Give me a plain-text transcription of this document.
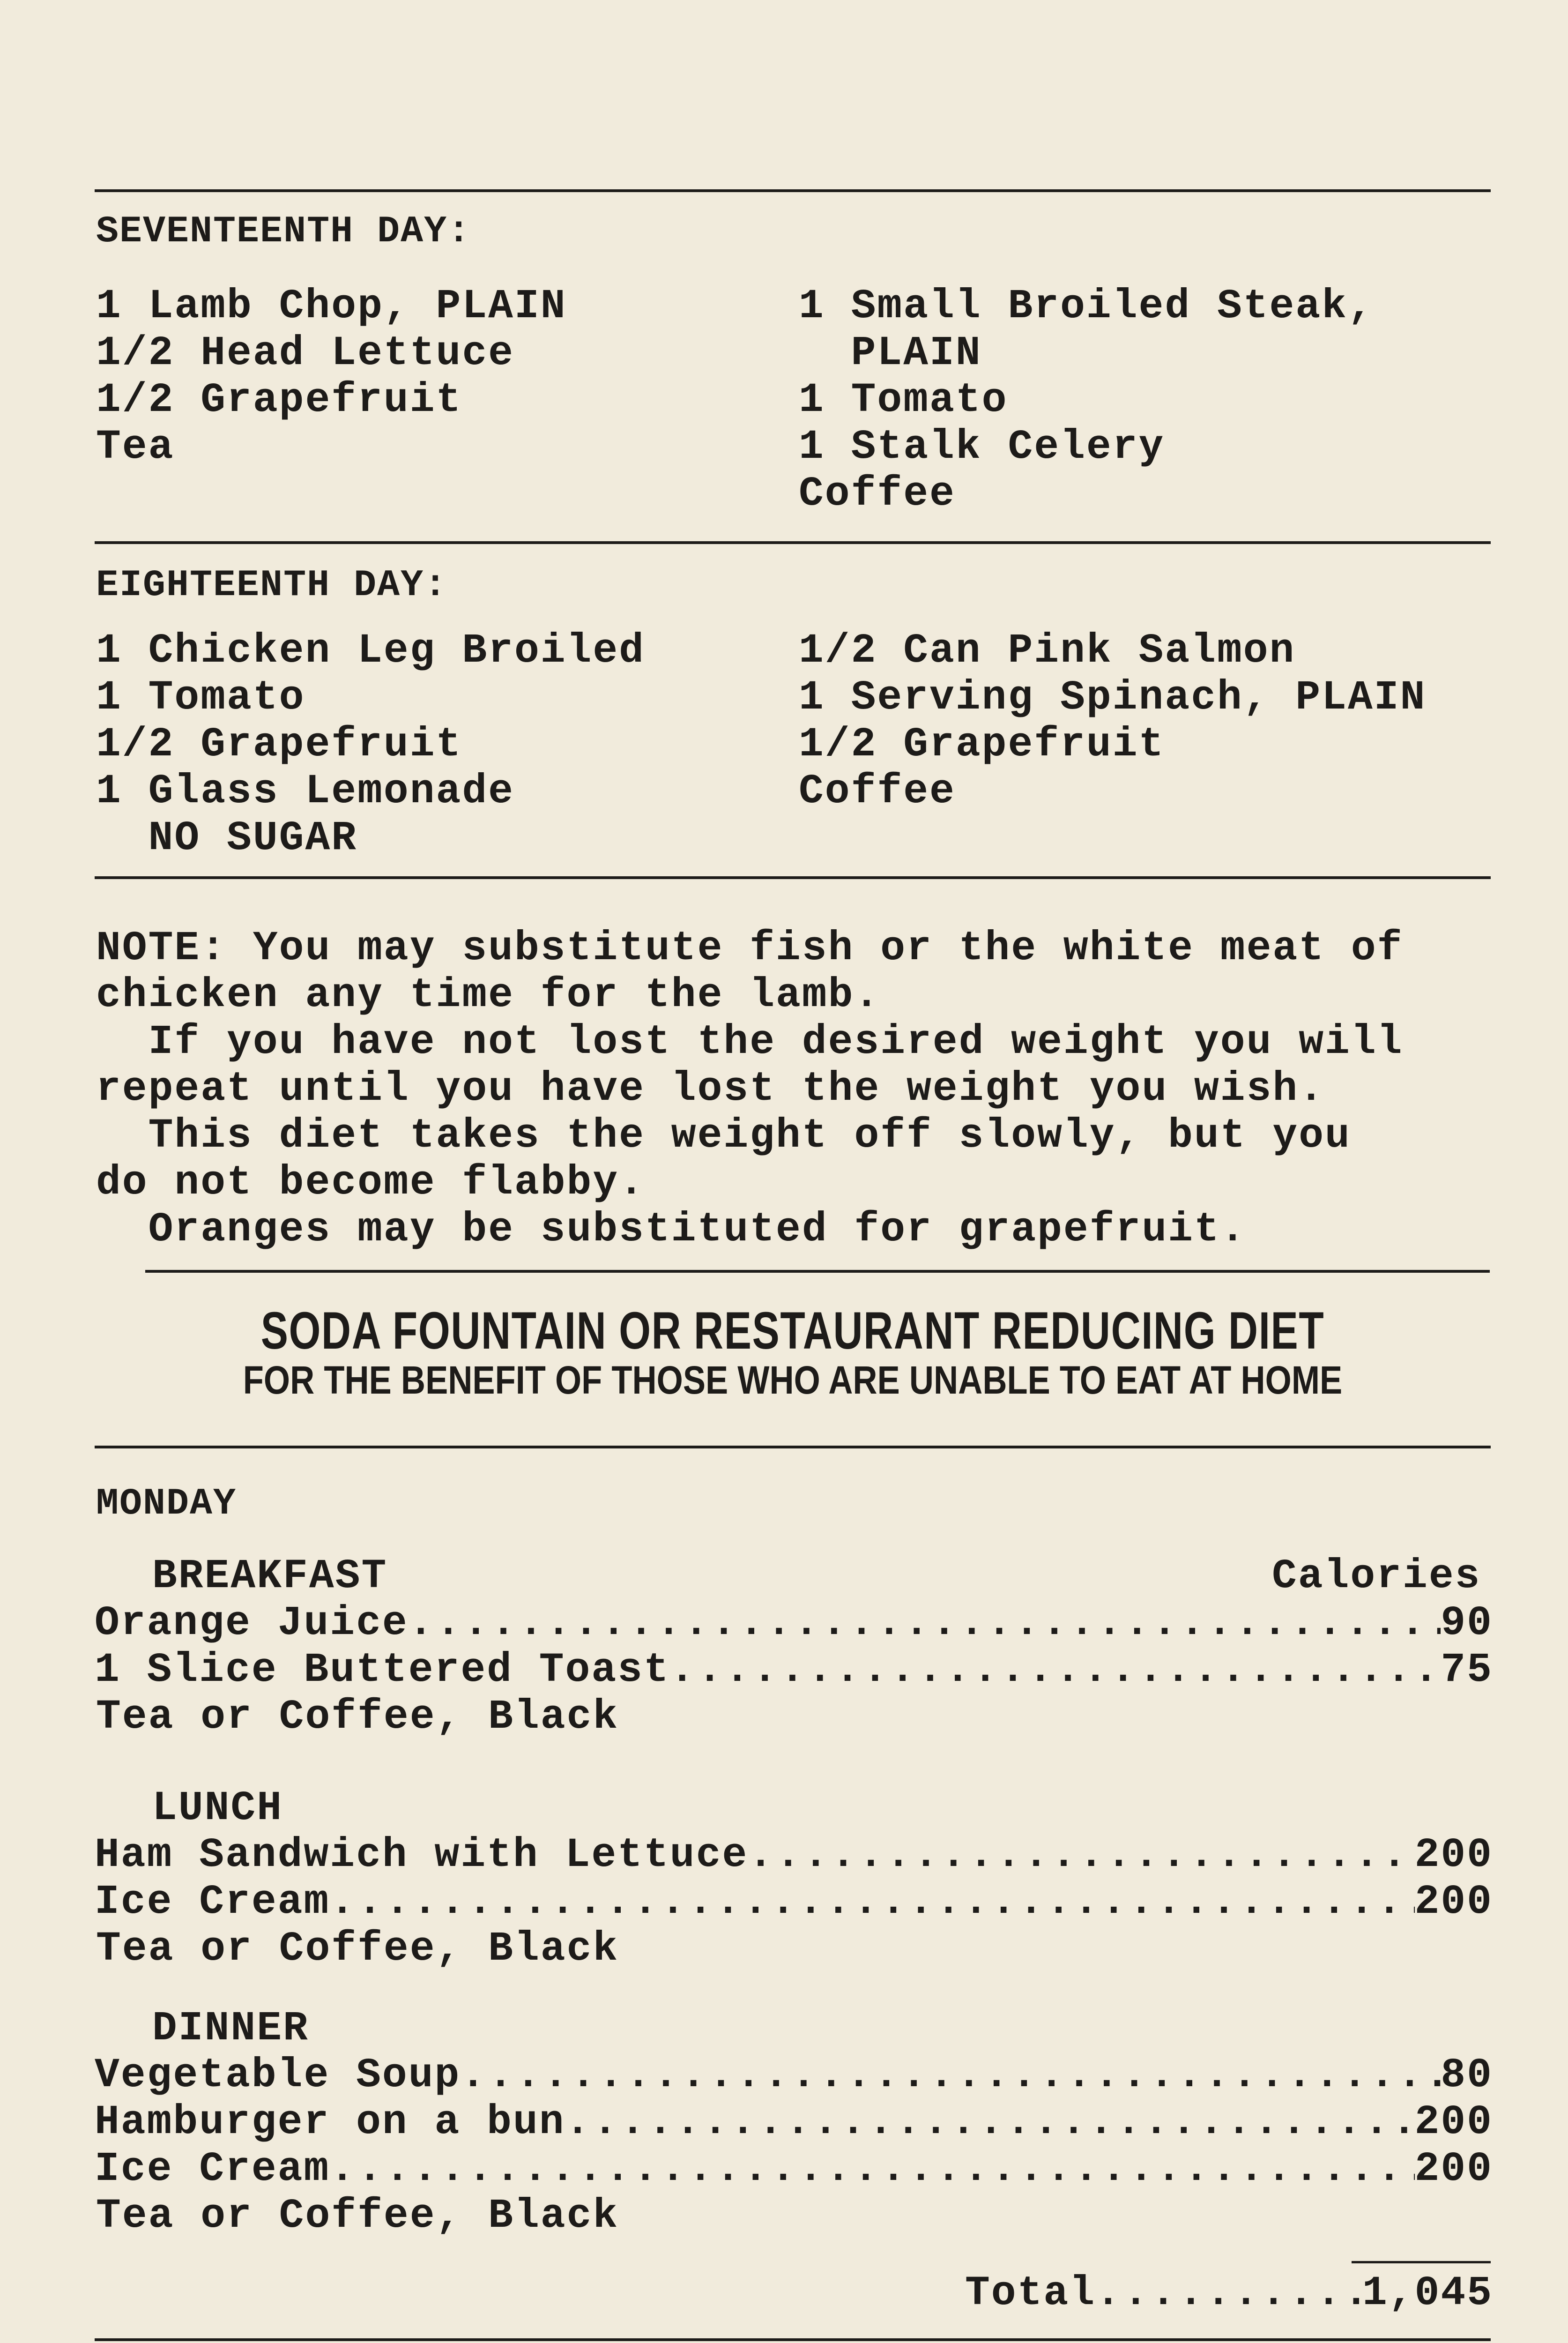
SEVENTEENTH DAY:
1 Lamb Chop, PLAIN
1/2 Head Lettuce
1/2 Grapefruit
Tea
1 Small Broiled Steak,
PLAIN
1 Tomato
1 Stalk Celery
Coffee
EIGHTEENTH DAY:
1 Chicken Leg Broiled
1 Tomato
1/2 Grapefruit
1 Glass Lemonade
NO SUGAR
1/2 Can Pink Salmon
1 Serving Spinach, PLAIN
1/2 Grapefruit
Coffee
NOTE: You may substitute fish or the white meat of
chicken any time for the lamb.
If you have not lost the desired weight you will
repeat until you have lost the weight you wish.
This diet takes the weight off slowly, but you
do not become flabby.
Oranges may be substituted for grapefruit.
SODA FOUNTAIN OR RESTAURANT REDUCING DIET
FOR THE BENEFIT OF THOSE WHO ARE UNABLE TO EAT AT HOME
MONDAY
BREAKFAST	Calories
Orange Juice .....	90
1 Slice Buttered Toast .....	75
Tea or Coffee, Black
LUNCH
Ham Sandwich with Lettuce .....	200
Ice Cream .....	200
Tea or Coffee, Black
DINNER
Vegetable Soup .....	80
Hamburger on a bun .....	200
Ice Cream .....	200
Tea or Coffee, Black
Total .....	1,045
